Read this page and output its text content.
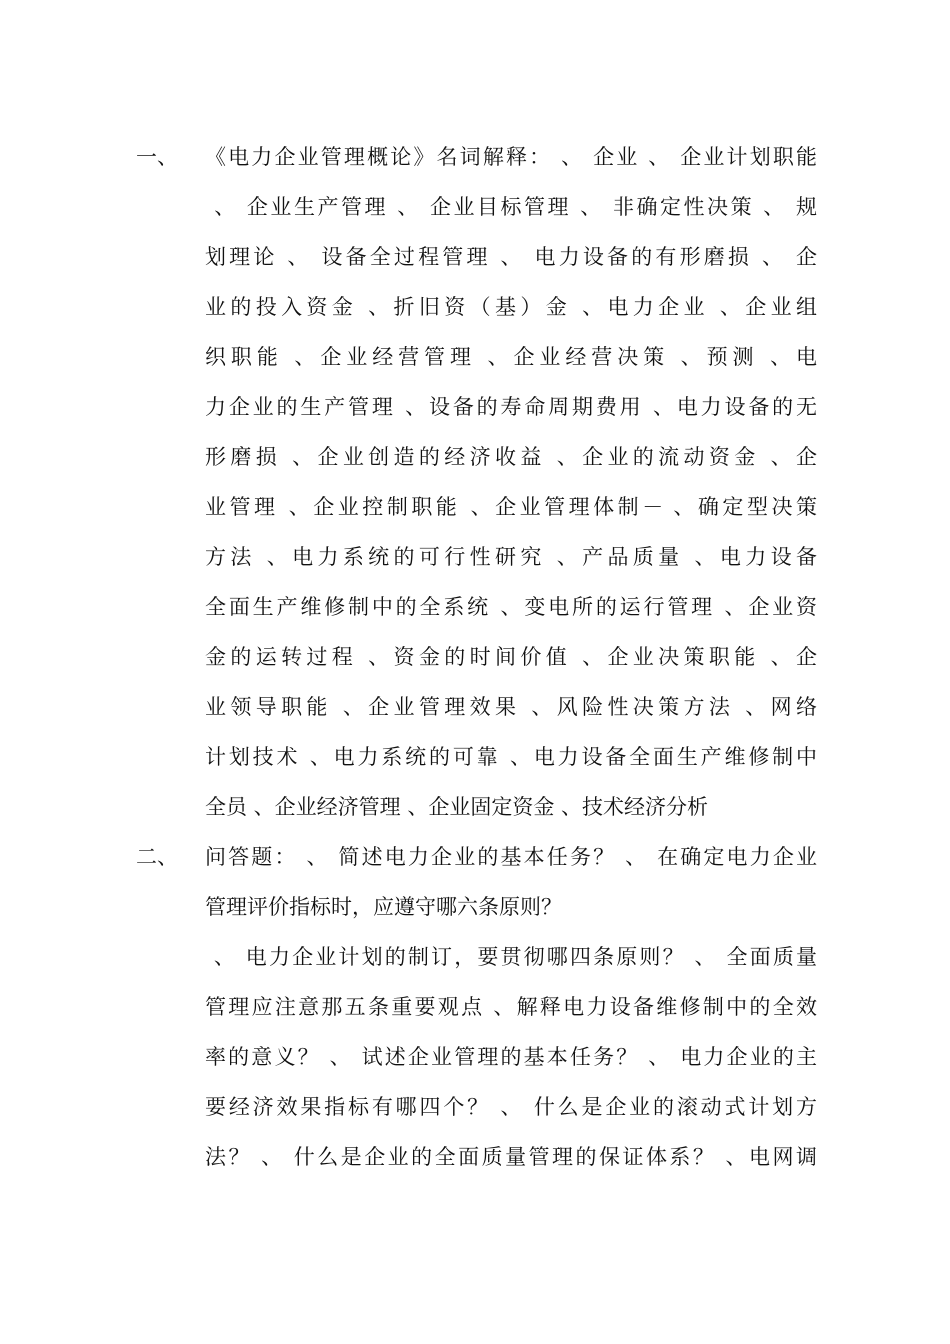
一、 《电力企业管理概论》名词解释： 、 企业 、 企业计划职能
、 企业生产管理 、 企业目标管理 、 非确定性决策 、 规
划理论 、 设备全过程管理 、 电力设备的有形磨损 、 企
业的投入资金 、折旧资（基）金 、电力企业 、企业组
织职能 、企业经营管理 、企业经营决策 、预测 、电
力企业的生产管理 、设备的寿命周期费用 、电力设备的无
形磨损 、企业创造的经济收益 、企业的流动资金 、企
业管理 、企业控制职能 、企业管理体制－ 、确定型决策
方法 、电力系统的可行性研究 、产品质量 、电力设备
全面生产维修制中的全系统 、变电所的运行管理 、企业资
金的运转过程 、资金的时间价值 、企业决策职能 、企
业领导职能 、企业管理效果 、风险性决策方法 、网络
计划技术 、电力系统的可靠 、电力设备全面生产维修制中
全员 、企业经济管理 、企业固定资金 、技术经济分析
二、 问答题： 、 简述电力企业的基本任务？ 、 在确定电力企业
管理评价指标时，应遵守哪六条原则？
、 电力企业计划的制订，要贯彻哪四条原则？ 、 全面质量
管理应注意那五条重要观点 、解释电力设备维修制中的全效
率的意义？ 、 试述企业管理的基本任务？ 、 电力企业的主
要经济效果指标有哪四个？ 、 什么是企业的滚动式计划方
法？ 、 什么是企业的全面质量管理的保证体系？ 、电网调
